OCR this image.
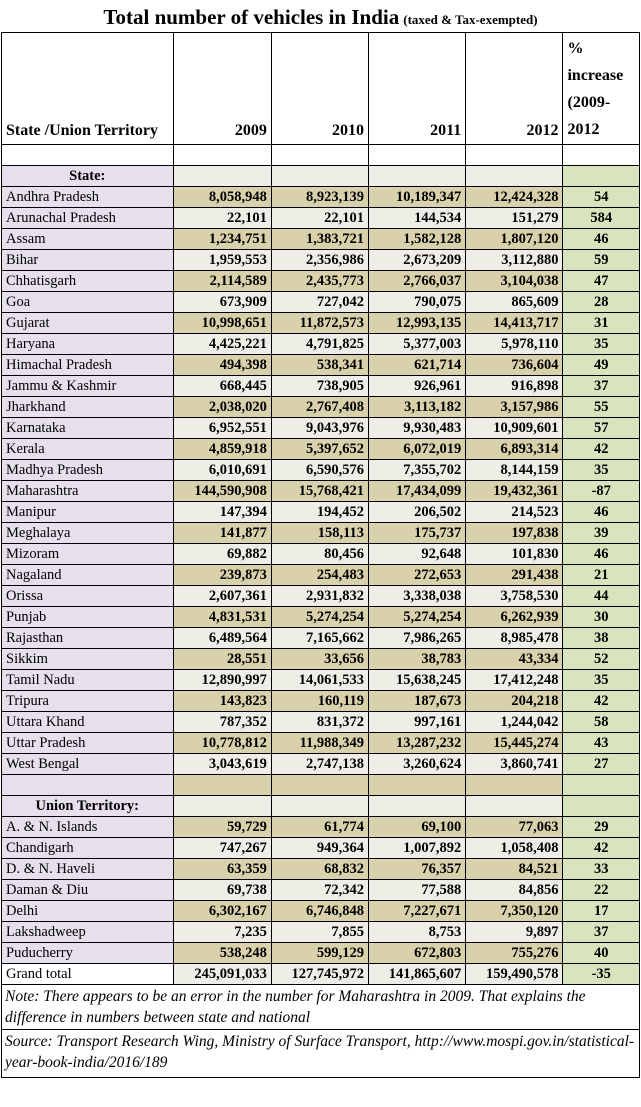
Total number of vehicles in India (taxed & Tax-exempted)
State /Union Territory	2009	2010	2011	2012	% increase (2009-2012

State:					
Andhra Pradesh	8,058,948	8,923,139	10,189,347	12,424,328	54
Arunachal Pradesh	22,101	22,101	144,534	151,279	584
Assam	1,234,751	1,383,721	1,582,128	1,807,120	46
Bihar	1,959,553	2,356,986	2,673,209	3,112,880	59
Chhatisgarh	2,114,589	2,435,773	2,766,037	3,104,038	47
Goa	673,909	727,042	790,075	865,609	28
Gujarat	10,998,651	11,872,573	12,993,135	14,413,717	31
Haryana	4,425,221	4,791,825	5,377,003	5,978,110	35
Himachal Pradesh	494,398	538,341	621,714	736,604	49
Jammu & Kashmir	668,445	738,905	926,961	916,898	37
Jharkhand	2,038,020	2,767,408	3,113,182	3,157,986	55
Karnataka	6,952,551	9,043,976	9,930,483	10,909,601	57
Kerala	4,859,918	5,397,652	6,072,019	6,893,314	42
Madhya Pradesh	6,010,691	6,590,576	7,355,702	8,144,159	35
Maharashtra	144,590,908	15,768,421	17,434,099	19,432,361	-87
Manipur	147,394	194,452	206,502	214,523	46
Meghalaya	141,877	158,113	175,737	197,838	39
Mizoram	69,882	80,456	92,648	101,830	46
Nagaland	239,873	254,483	272,653	291,438	21
Orissa	2,607,361	2,931,832	3,338,038	3,758,530	44
Punjab	4,831,531	5,274,254	5,274,254	6,262,939	30
Rajasthan	6,489,564	7,165,662	7,986,265	8,985,478	38
Sikkim	28,551	33,656	38,783	43,334	52
Tamil Nadu	12,890,997	14,061,533	15,638,245	17,412,248	35
Tripura	143,823	160,119	187,673	204,218	42
Uttara Khand	787,352	831,372	997,161	1,244,042	58
Uttar Pradesh	10,778,812	11,988,349	13,287,232	15,445,274	43
West Bengal	3,043,619	2,747,138	3,260,624	3,860,741	27

Union Territory:					
A. & N. Islands	59,729	61,774	69,100	77,063	29
Chandigarh	747,267	949,364	1,007,892	1,058,408	42
D. & N. Haveli	63,359	68,832	76,357	84,521	33
Daman & Diu	69,738	72,342	77,588	84,856	22
Delhi	6,302,167	6,746,848	7,227,671	7,350,120	17
Lakshadweep	7,235	7,855	8,753	9,897	37
Puducherry	538,248	599,129	672,803	755,276	40
Grand total	245,091,033	127,745,972	141,865,607	159,490,578	-35

Note: There appears to be an error in the number for Maharashtra in 2009. That explains the difference in numbers between state and national

Source: Transport Research Wing, Ministry of Surface Transport, http://www.mospi.gov.in/statistical-year-book-india/2016/189
